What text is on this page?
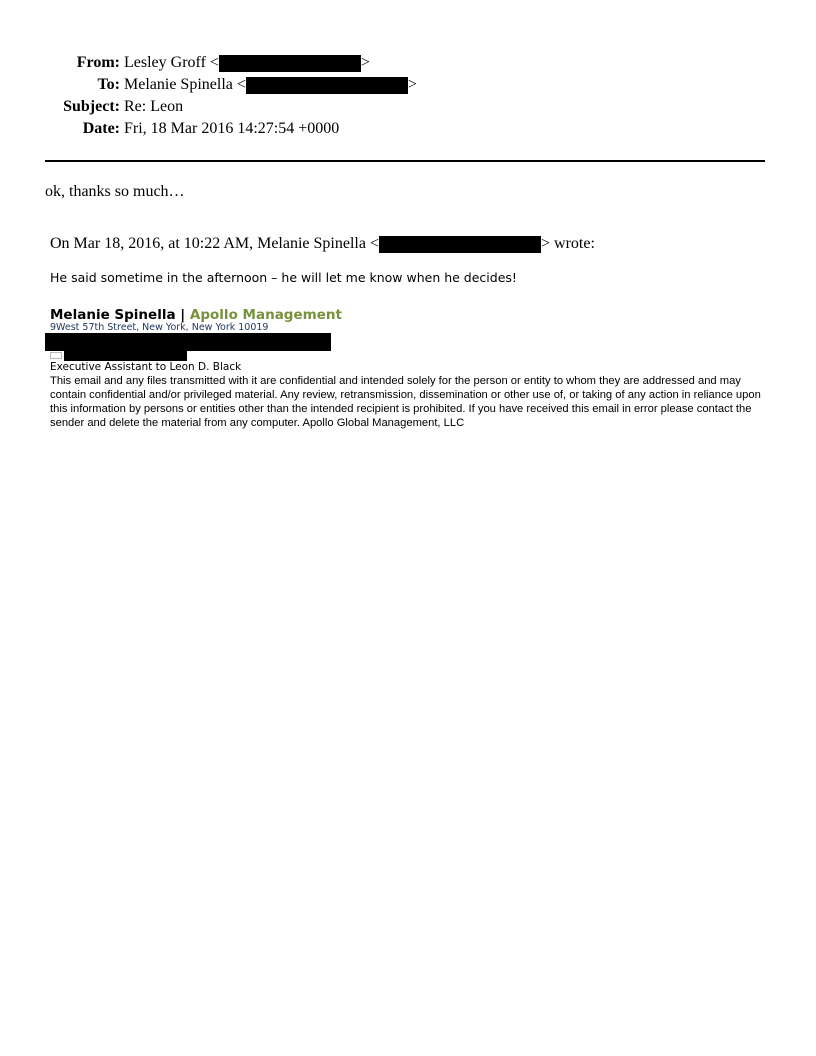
From: Lesley Groff <	>
To: Melanie Spinella <	>
Subject: Re: Leon
Date: Fri, 18 Mar 2016 14:27:54 +0000
ok, thanks so much…
On Mar 18, 2016, at 10:22 AM, Melanie Spinella <	> wrote:
He said sometime in the afternoon – he will let me know when he decides!
Melanie Spinella | Apollo Management
9West 57th Street, New York, New York 10019
Executive Assistant to Leon D. Black
This email and any files transmitted with it are confidential and intended solely for the person or entity to whom they are addressed and may contain confidential and/or privileged material. Any review, retransmission, dissemination or other use of, or taking of any action in reliance upon this information by persons or entities other than the intended recipient is prohibited. If you have received this email in error please contact the sender and delete the material from any computer. Apollo Global Management, LLC
